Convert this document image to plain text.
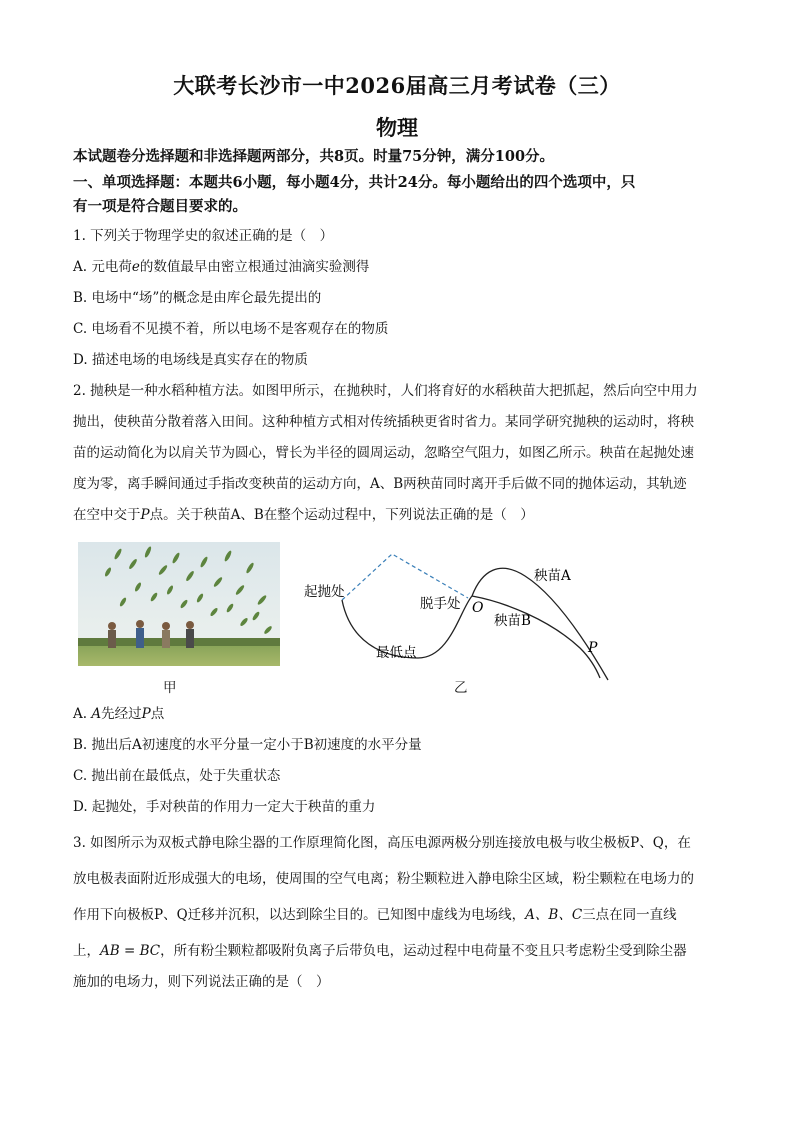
大联考长沙市一中2026届高三月考试卷（三）
物理
本试题卷分选择题和非选择题两部分，共8页。时量75分钟，满分100分。
一、单项选择题：本题共6小题，每小题4分，共计24分。每小题给出的四个选项中，只
有一项是符合题目要求的。
1. 下列关于物理学史的叙述正确的是（　）
A. 元电荷e的数值最早由密立根通过油滴实验测得
B. 电场中“场”的概念是由库仑最先提出的
C. 电场看不见摸不着，所以电场不是客观存在的物质
D. 描述电场的电场线是真实存在的物质
2. 抛秧是一种水稻种植方法。如图甲所示，在抛秧时，人们将育好的水稻秧苗大把抓起，然后向空中用力
抛出，使秧苗分散着落入田间。这种种植方式相对传统插秧更省时省力。某同学研究抛秧的运动时，将秧
苗的运动简化为以肩关节为圆心，臂长为半径的圆周运动，忽略空气阻力，如图乙所示。秧苗在起抛处速
度为零，离手瞬间通过手指改变秧苗的运动方向，A、B两秧苗同时离开手后做不同的抛体运动，其轨迹
在空中交于P点。关于秧苗A、B在整个运动过程中，下列说法正确的是（　）
甲
起抛处
脱手处 O
秧苗A
秧苗B
P
最低点
乙
A. A先经过P点
B. 抛出后A初速度的水平分量一定小于B初速度的水平分量
C. 抛出前在最低点，处于失重状态
D. 起抛处，手对秧苗的作用力一定大于秧苗的重力
3. 如图所示为双板式静电除尘器的工作原理简化图，高压电源两极分别连接放电极与收尘极板P、Q，在
放电极表面附近形成强大的电场，使周围的空气电离；粉尘颗粒进入静电除尘区域，粉尘颗粒在电场力的
作用下向极板P、Q迁移并沉积，以达到除尘目的。已知图中虚线为电场线，A、B、C三点在同一直线
上，AB = BC，所有粉尘颗粒都吸附负离子后带负电，运动过程中电荷量不变且只考虑粉尘受到除尘器
施加的电场力，则下列说法正确的是（　）
